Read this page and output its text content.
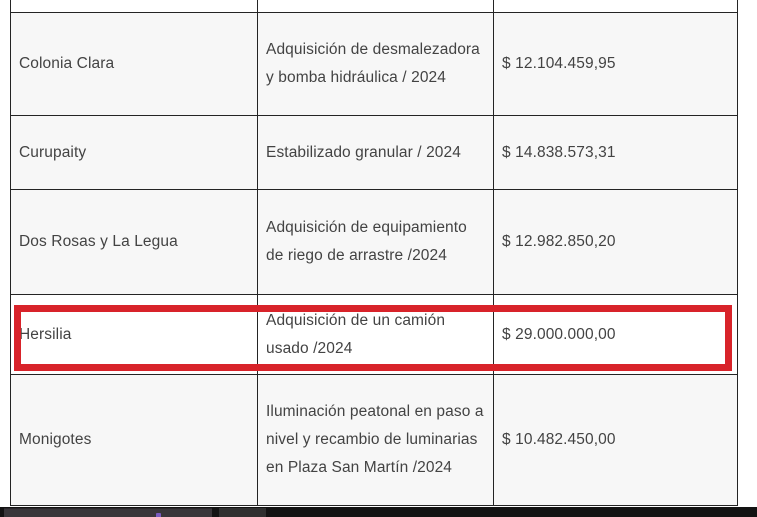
Colonia Clara	Adquisición de desmalezadora y bomba hidráulica / 2024	$ 12.104.459,95
Curupaity	Estabilizado granular / 2024	$ 14.838.573,31
Dos Rosas y La Legua	Adquisición de equipamiento de riego de arrastre /2024	$ 12.982.850,20
Hersilia	Adquisición de un camión usado /2024	$ 29.000.000,00
Monigotes	Iluminación peatonal en paso a nivel y recambio de luminarias en Plaza San Martín /2024	$ 10.482.450,00
